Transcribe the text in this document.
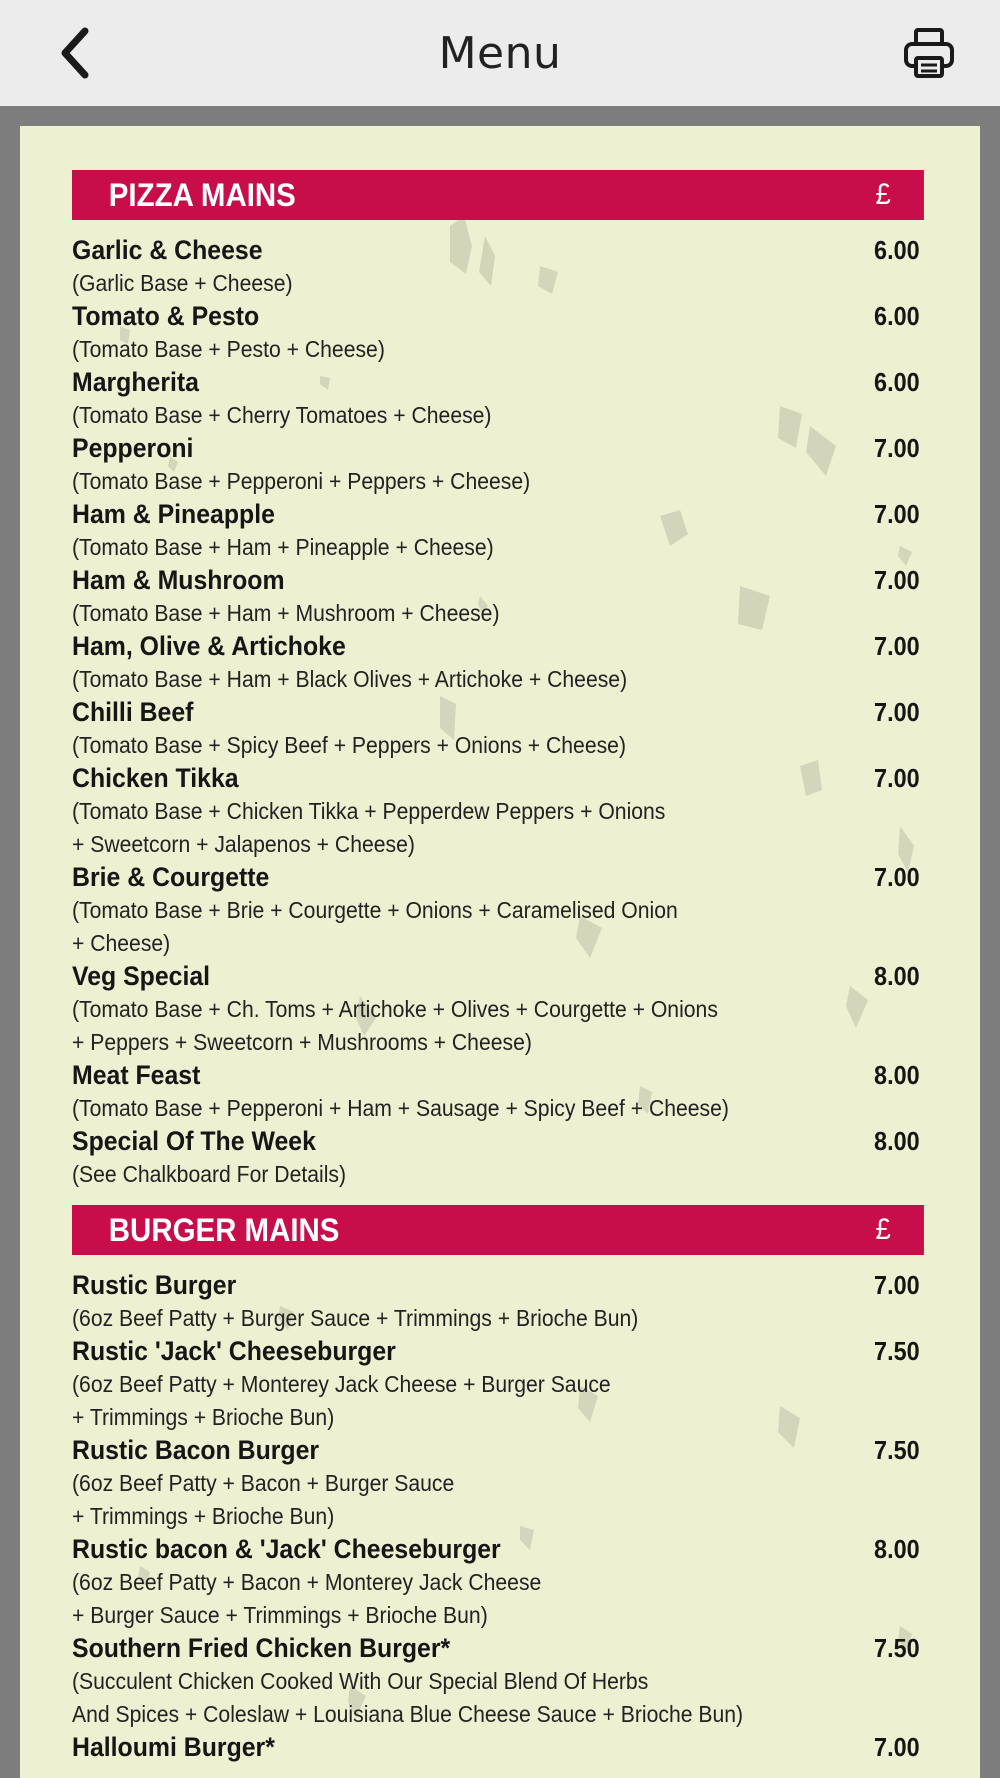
Menu
PIZZA MAINS	£
Garlic & Cheese	6.00
(Garlic Base + Cheese)
Tomato & Pesto	6.00
(Tomato Base + Pesto + Cheese)
Margherita	6.00
(Tomato Base + Cherry Tomatoes + Cheese)
Pepperoni	7.00
(Tomato Base + Pepperoni + Peppers + Cheese)
Ham & Pineapple	7.00
(Tomato Base + Ham + Pineapple + Cheese)
Ham & Mushroom	7.00
(Tomato Base + Ham + Mushroom + Cheese)
Ham, Olive & Artichoke	7.00
(Tomato Base + Ham + Black Olives + Artichoke + Cheese)
Chilli Beef	7.00
(Tomato Base + Spicy Beef + Peppers + Onions + Cheese)
Chicken Tikka	7.00
(Tomato Base + Chicken Tikka + Pepperdew Peppers + Onions
+ Sweetcorn + Jalapenos + Cheese)
Brie & Courgette	7.00
(Tomato Base + Brie + Courgette + Onions + Caramelised Onion
+ Cheese)
Veg Special	8.00
(Tomato Base + Ch. Toms + Artichoke + Olives + Courgette + Onions
+ Peppers + Sweetcorn + Mushrooms + Cheese)
Meat Feast	8.00
(Tomato Base + Pepperoni + Ham + Sausage + Spicy Beef + Cheese)
Special Of The Week	8.00
(See Chalkboard For Details)
BURGER MAINS	£
Rustic Burger	7.00
(6oz Beef Patty + Burger Sauce + Trimmings + Brioche Bun)
Rustic 'Jack' Cheeseburger	7.50
(6oz Beef Patty + Monterey Jack Cheese + Burger Sauce
+ Trimmings + Brioche Bun)
Rustic Bacon Burger	7.50
(6oz Beef Patty + Bacon + Burger Sauce
+ Trimmings + Brioche Bun)
Rustic bacon & 'Jack' Cheeseburger	8.00
(6oz Beef Patty + Bacon + Monterey Jack Cheese
+ Burger Sauce + Trimmings + Brioche Bun)
Southern Fried Chicken Burger*	7.50
(Succulent Chicken Cooked With Our Special Blend Of Herbs
And Spices + Coleslaw + Louisiana Blue Cheese Sauce + Brioche Bun)
Halloumi Burger*	7.00
